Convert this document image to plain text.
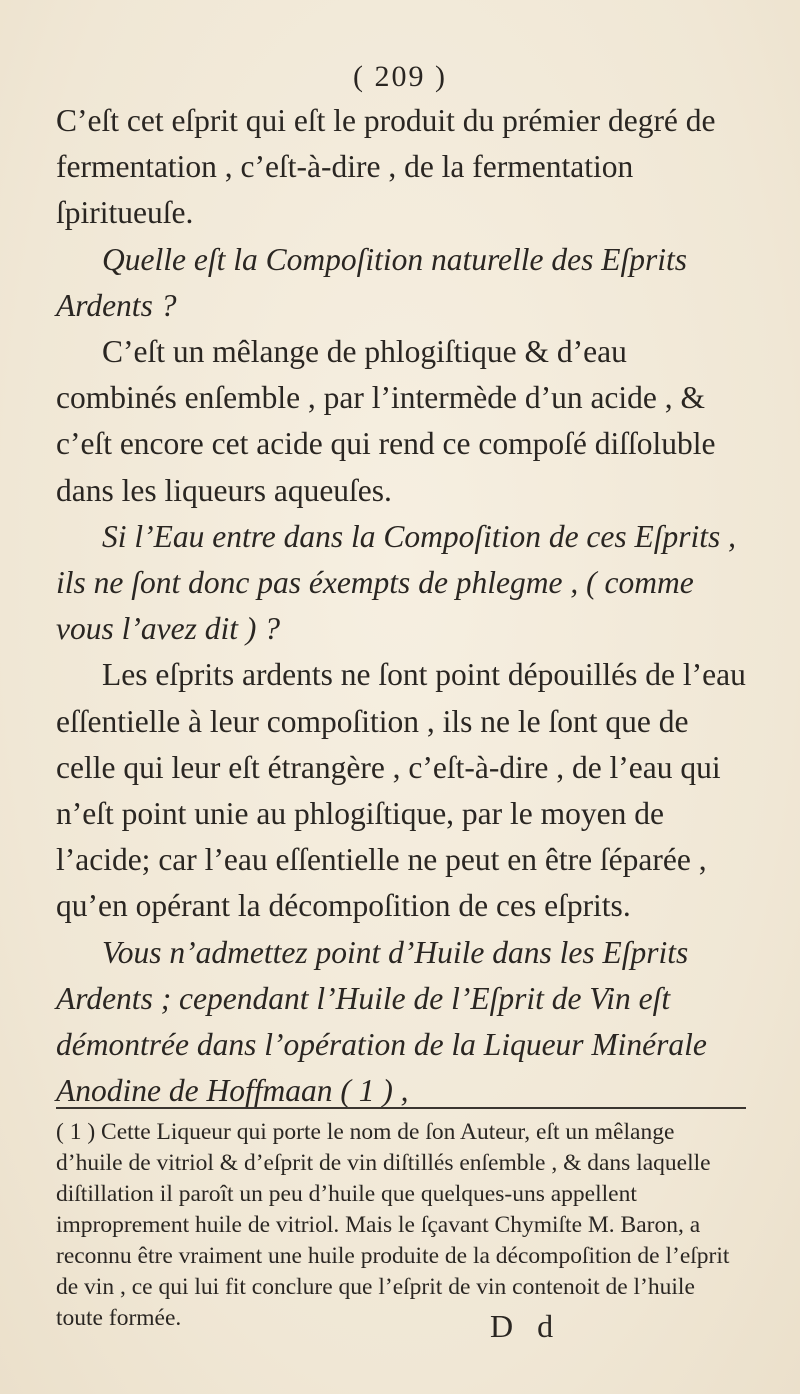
( 209 )

C’eſt cet eſprit qui eſt le produit du prémier degré de fermentation , c’eſt-à-dire , de la fermentation ſpiritueuſe.

Quelle eſt la Compoſition naturelle des Eſprits Ardents ?

C’eſt un mêlange de phlogiſtique & d’eau combinés enſemble , par l’intermède d’un acide , & c’eſt encore cet acide qui rend ce compoſé diſſoluble dans les liqueurs aqueuſes.

Si l’Eau entre dans la Compoſition de ces Eſprits , ils ne ſont donc pas éxempts de phlegme , ( comme vous l’avez dit ) ?

Les eſprits ardents ne ſont point dépouillés de l’eau eſſentielle à leur compoſition , ils ne le ſont que de celle qui leur eſt étrangère , c’eſt-à-dire , de l’eau qui n’eſt point unie au phlogiſtique, par le moyen de l’acide; car l’eau eſſentielle ne peut en être ſéparée , qu’en opérant la décompoſition de ces eſprits.

Vous n’admettez point d’Huile dans les Eſprits Ardents ; cependant l’Huile de l’Eſprit de Vin eſt démontrée dans l’opération de la Liqueur Minérale Anodine de Hoffmaan ( 1 ) ,

( 1 ) Cette Liqueur qui porte le nom de ſon Auteur, eſt un mêlange d’huile de vitriol & d’eſprit de vin diſtillés enſemble , & dans laquelle diſtillation il paroît un peu d’huile que quelques-uns appellent improprement huile de vitriol. Mais le ſçavant Chymiſte M. Baron, a reconnu être vraiment une huile produite de la décompoſition de l’eſprit de vin , ce qui lui fit conclure que l’eſprit de vin contenoit de l’huile toute formée.	D d
